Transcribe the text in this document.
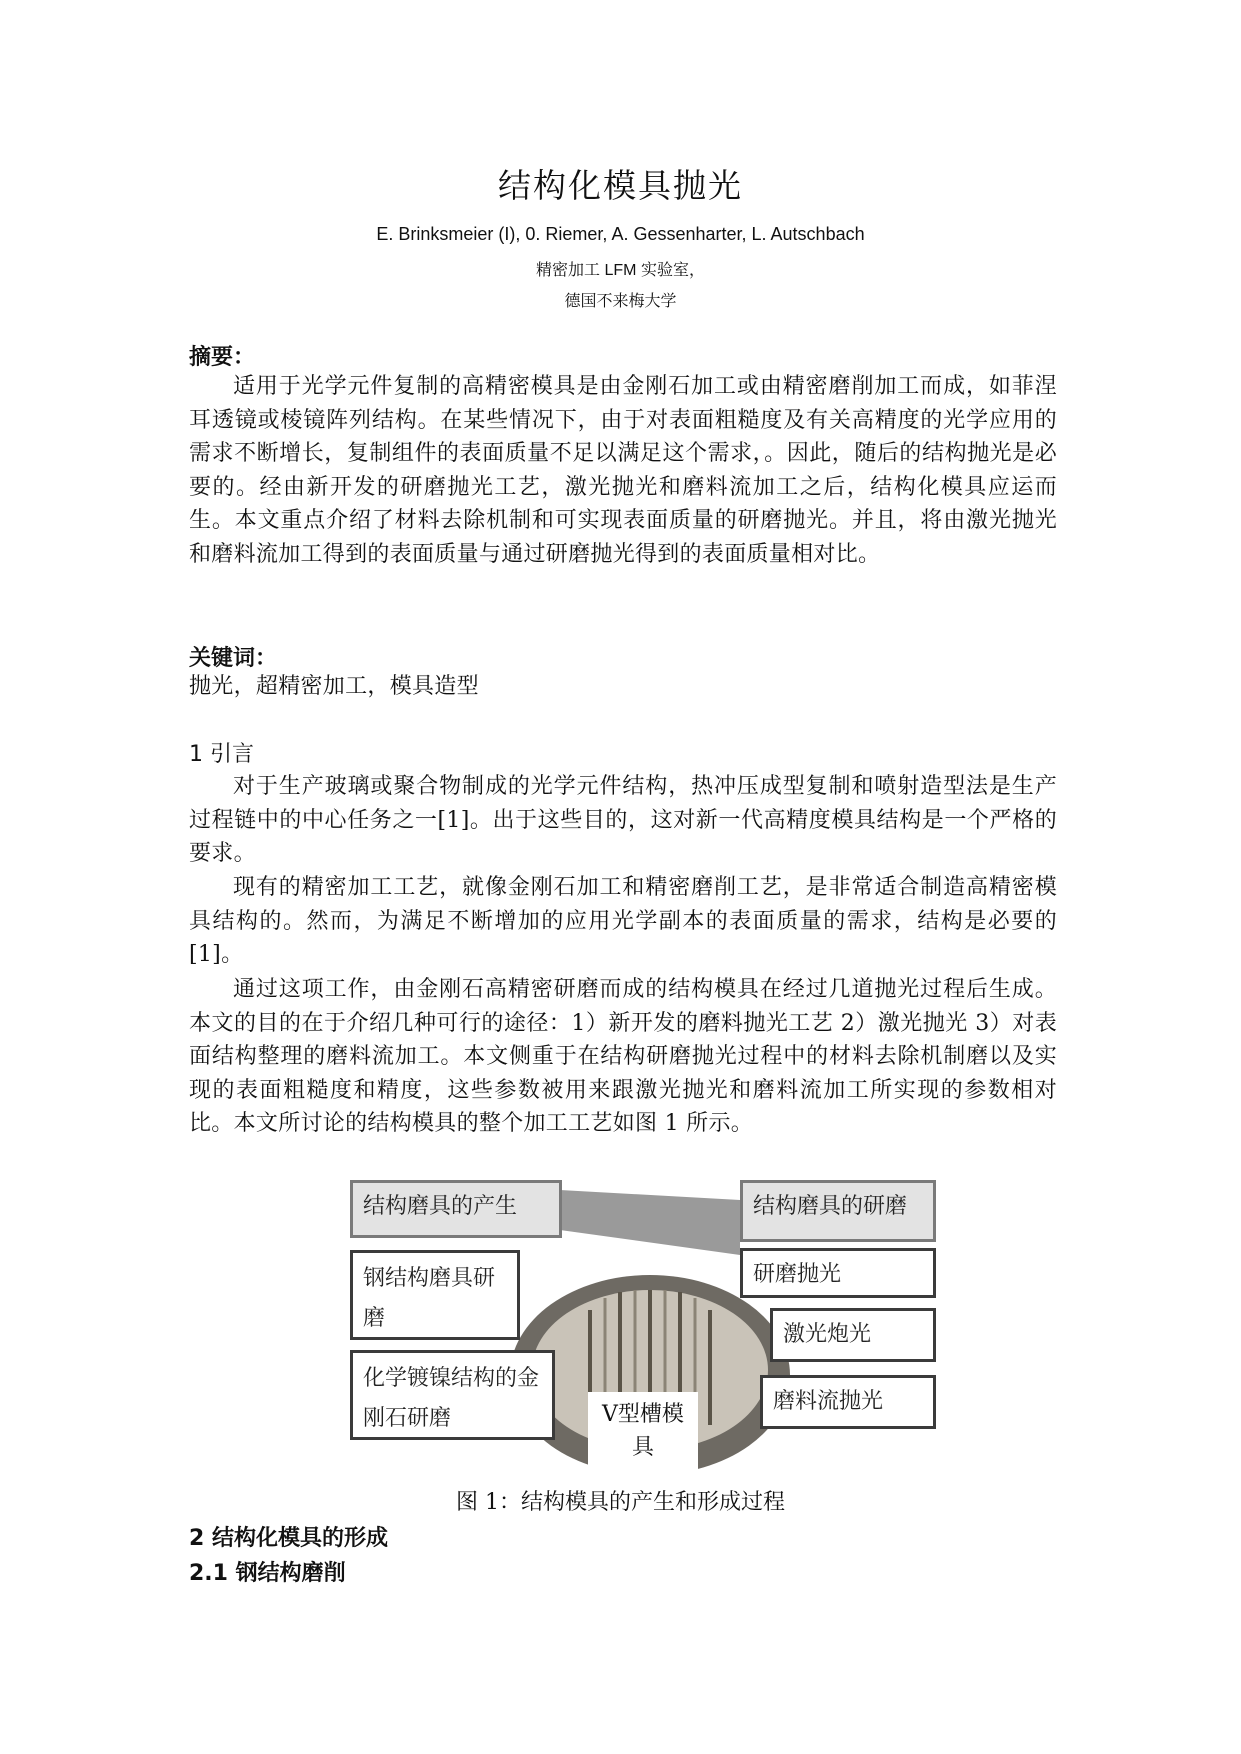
结构化模具抛光
E. Brinksmeier (I), 0. Riemer, A. Gessenharter, L. Autschbach
精密加工 LFM 实验室，
德国不来梅大学
摘要：
适用于光学元件复制的高精密模具是由金刚石加工或由精密磨削加工而成，如菲涅耳透镜或棱镜阵列结构。在某些情况下，由于对表面粗糙度及有关高精度的光学应用的需求不断增长，复制组件的表面质量不足以满足这个需求，。因此，随后的结构抛光是必要的。经由新开发的研磨抛光工艺，激光抛光和磨料流加工之后，结构化模具应运而生。本文重点介绍了材料去除机制和可实现表面质量的研磨抛光。并且，将由激光抛光和磨料流加工得到的表面质量与通过研磨抛光得到的表面质量相对比。
关键词：
抛光，超精密加工，模具造型
1 引言
对于生产玻璃或聚合物制成的光学元件结构，热冲压成型复制和喷射造型法是生产过程链中的中心任务之一[1]。出于这些目的，这对新一代高精度模具结构是一个严格的要求。
现有的精密加工工艺，就像金刚石加工和精密磨削工艺，是非常适合制造高精密模具结构的。然而，为满足不断增加的应用光学副本的表面质量的需求，结构是必要的[1]。
通过这项工作，由金刚石高精密研磨而成的结构模具在经过几道抛光过程后生成。本文的目的在于介绍几种可行的途径：1）新开发的磨料抛光工艺 2）激光抛光 3）对表面结构整理的磨料流加工。本文侧重于在结构研磨抛光过程中的材料去除机制磨以及实现的表面粗糙度和精度，这些参数被用来跟激光抛光和磨料流加工所实现的参数相对比。本文所讨论的结构模具的整个加工工艺如图 1 所示。
结构磨具的产生
钢结构磨具研磨
化学镀镍结构的金刚石研磨
结构磨具的研磨
研磨抛光
激光炮光
磨料流抛光
V型槽模具
图 1：结构模具的产生和形成过程
2 结构化模具的形成
2.1 钢结构磨削
